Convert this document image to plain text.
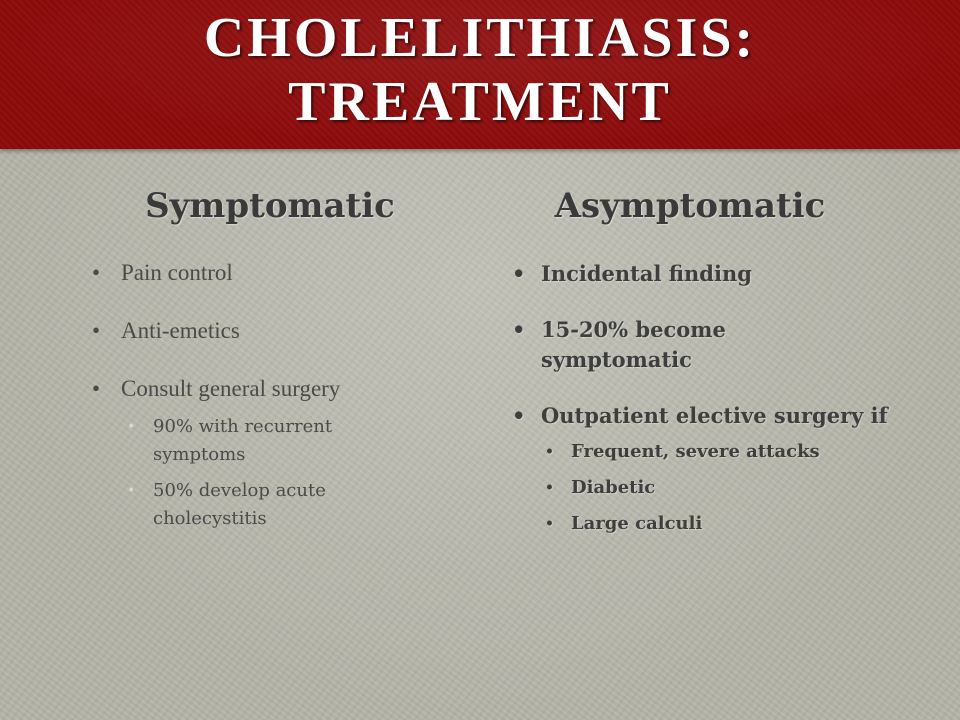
CHOLELITHIASIS:
TREATMENT
Symptomatic	Asymptomatic
• Pain control
• Anti-emetics
• Consult general surgery
• 90% with recurrent symptoms
• 50% develop acute cholecystitis
• Incidental finding
• 15-20% become symptomatic
• Outpatient elective surgery if
• Frequent, severe attacks
• Diabetic
• Large calculi
